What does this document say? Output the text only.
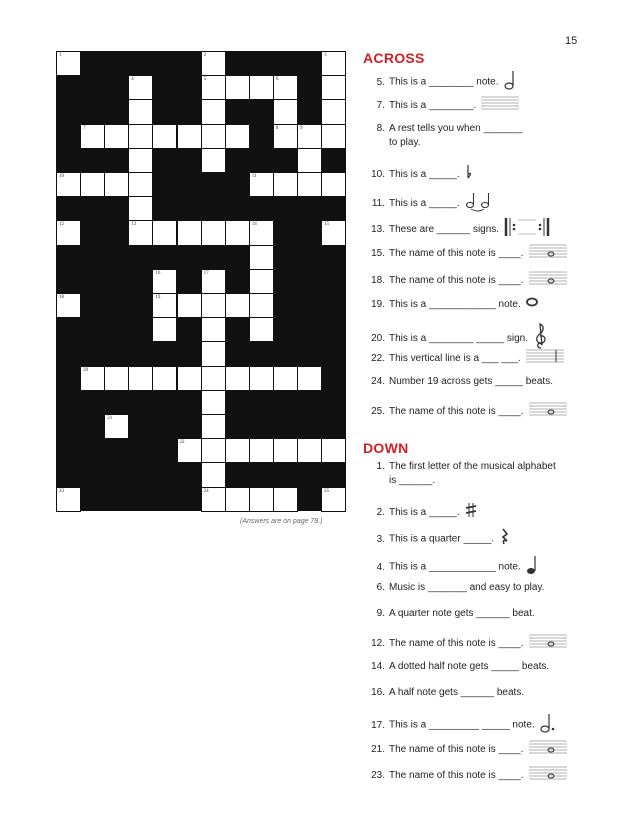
15
1	2	3
4	5	6
7	8	9
10	11
12	13	14	15
16	17
18	19
20
21
22
23	24	25
(Answers are on page 78.)
ACROSS
5. This is a ________ note.
7. This is a ________.
8. A rest tells you when _______
to play.
10. This is a _____.
11. This is a _____.
13. These are ______ signs.
15. The name of this note is ____.
18. The name of this note is ____.
19. This is a ____________ note.
20. This is a ________ _____ sign.
22. This vertical line is a ___ ___.
24. Number 19 across gets _____ beats.
25. The name of this note is ____.
DOWN
1. The first letter of the musical alphabet
is ______.
2. This is a _____.
3. This is a quarter _____.
4. This is a ____________ note.
6. Music is _______ and easy to play.
9. A quarter note gets ______ beat.
12. The name of this note is ____.
14. A dotted half note gets _____ beats.
16. A half note gets ______ beats.
17. This is a _________ _____ note.
21. The name of this note is ____.
23. The name of this note is ____.
